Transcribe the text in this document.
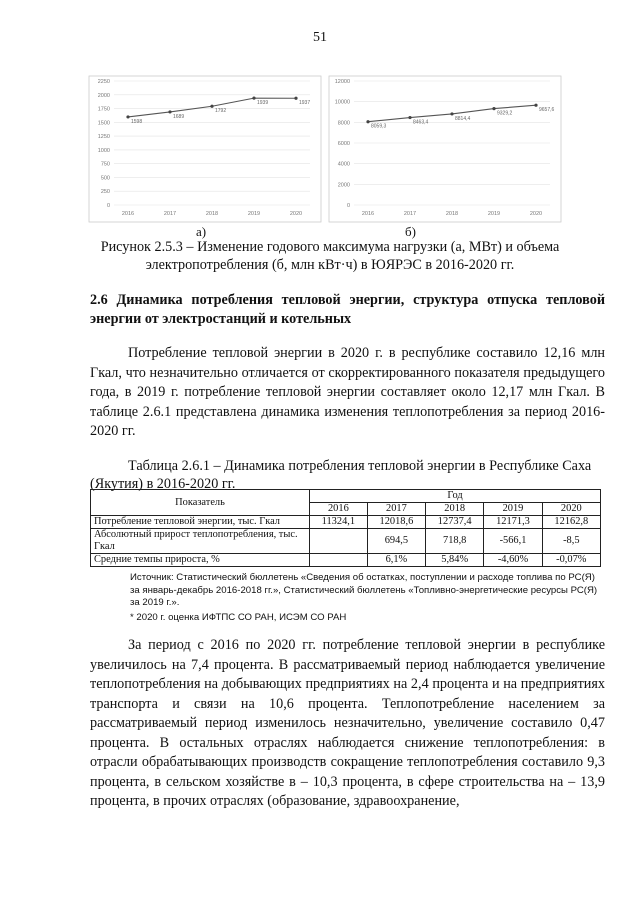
51
0
250
500
750
1000
1250
1500
1750
2000
2250
2016	2017	2018	2019	2020
1598
1689
1792
1939	1937
0
2000
4000
6000
8000
10000
12000
2016	2017	2018	2019	2020
8059,3
8463,4
8814,4
9329,2
9657,6
а)	б)
Рисунок 2.5.3 – Изменение годового максимума нагрузки (а, МВт) и объема электропотребления (б, млн кВт·ч) в ЮЯРЭС в 2016-2020 гг.
2.6 Динамика потребления тепловой энергии, структура отпуска тепловой энергии от электростанций и котельных

Потребление тепловой энергии в 2020 г. в республике составило 12,16 млн Гкал, что незначительно отличается от скорректированного показателя предыдущего года, в 2019 г. потребление тепловой энергии составляет около 12,17 млн Гкал. В таблице 2.6.1 представлена динамика изменения теплопотребления за период 2016-2020 гг.

Таблица 2.6.1 – Динамика потребления тепловой энергии в Республике Саха (Якутия) в 2016-2020 гг.

Показатель	Год				
	2016	2017	2018	2019	2020
Потребление тепловой энергии, тыс. Гкал	11324,1	12018,6	12737,4	12171,3	12162,8
Абсолютный прирост теплопотребления, тыс. Гкал		694,5	718,8	-566,1	-8,5
Средние темпы прироста, %		6,1%	5,84%	-4,60%	-0,07%
Источник: Статистический бюллетень «Сведения об остатках, поступлении и расходе топлива по РС(Я) за январь-декабрь 2016-2018 гг.», Статистический бюллетень «Топливно-энергетические ресурсы РС(Я) за 2019 г.».
* 2020 г. оценка ИФТПС СО РАН, ИСЭМ СО РАН

За период с 2016 по 2020 гг. потребление тепловой энергии в республике увеличилось на 7,4 процента. В рассматриваемый период наблюдается увеличение теплопотребления на добывающих предприятиях на 2,4 процента и на предприятиях транспорта и связи на 10,6 процента. Теплопотребление населением за рассматриваемый период изменилось незначительно, увеличение составило 0,47 процента. В остальных отраслях наблюдается снижение теплопотребления: в отрасли обрабатывающих производств сокращение теплопотребления составило 9,3 процента, в сельском хозяйстве в – 10,3 процента, в сфере строительства на – 13,9 процента, в прочих отраслях (образование, здравоохранение,
